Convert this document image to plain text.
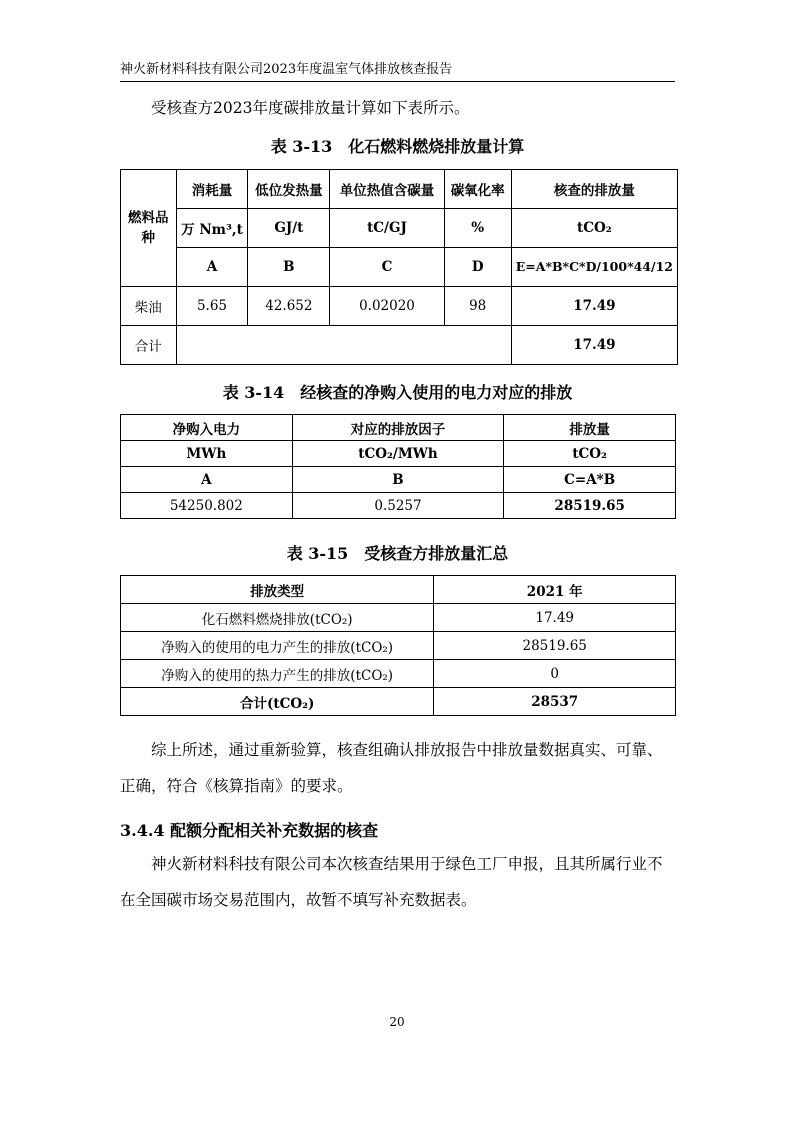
神火新材料科技有限公司2023年度温室气体排放核查报告

受核查方2023年度碳排放量计算如下表所示。

表 3-13　化石燃料燃烧排放量计算
燃料品种	消耗量	低位发热量	单位热值含碳量	碳氧化率	核查的排放量
	万 Nm³,t	GJ/t	tC/GJ	%	tCO₂
	A	B	C	D	E=A*B*C*D/100*44/12
柴油	5.65	42.652	0.02020	98	17.49
合计					17.49
表 3-14　经核查的净购入使用的电力对应的排放
净购入电力	对应的排放因子	排放量
MWh	tCO₂/MWh	tCO₂
A	B	C=A*B
54250.802	0.5257	28519.65
表 3-15　受核查方排放量汇总
排放类型	2021 年
化石燃料燃烧排放(tCO₂)	17.49
净购入的使用的电力产生的排放(tCO₂)	28519.65
净购入的使用的热力产生的排放(tCO₂)	0
合计(tCO₂)	28537

综上所述，通过重新验算，核查组确认排放报告中排放量数据真实、可靠、正确，符合《核算指南》的要求。

3.4.4 配额分配相关补充数据的核查

神火新材料科技有限公司本次核查结果用于绿色工厂申报，且其所属行业不在全国碳市场交易范围内，故暂不填写补充数据表。

20
